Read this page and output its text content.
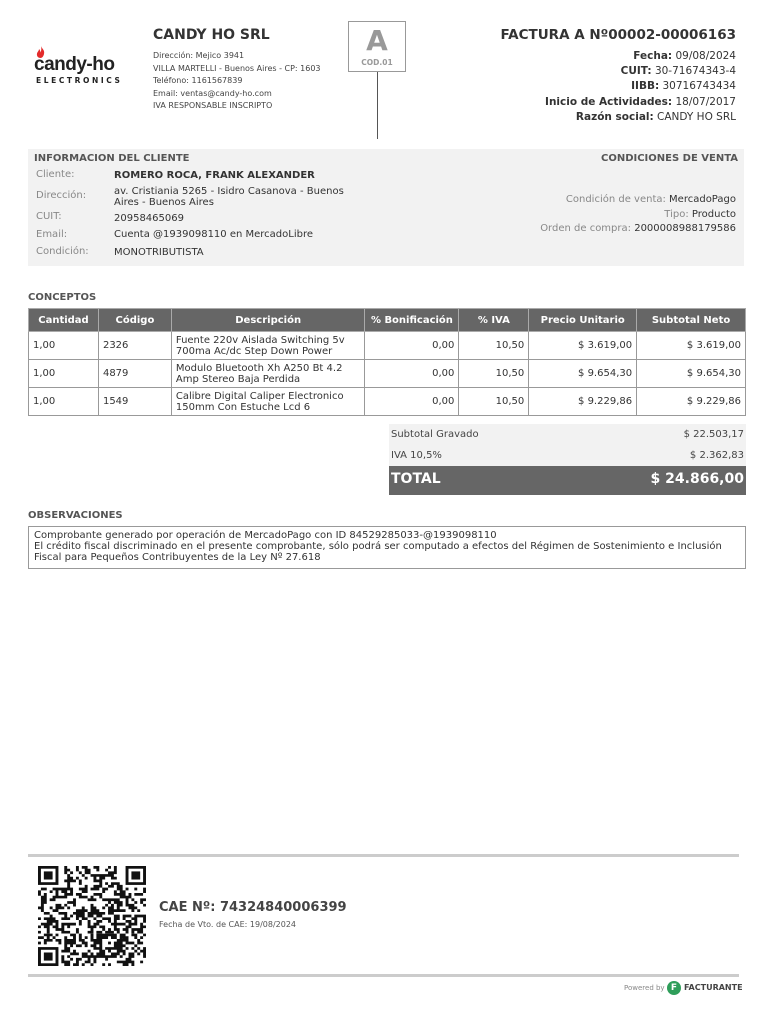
candy-ho
ELECTRONICS
CANDY HO SRL
Dirección: Mejico 3941
VILLA MARTELLI - Buenos Aires - CP: 1603
Teléfono: 1161567839
Email: ventas@candy-ho.com
IVA RESPONSABLE INSCRIPTO
A
COD.01
FACTURA A Nº00002-00006163
Fecha: 09/08/2024
CUIT: 30-71674343-4
IIBB: 30716743434
Inicio de Actividades: 18/07/2017
Razón social: CANDY HO SRL
INFORMACION DEL CLIENTE
Cliente:	ROMERO ROCA, FRANK ALEXANDER
Dirección:	av. Cristiania 5265 - Isidro Casanova - Buenos Aires - Buenos Aires
CUIT:	20958465069
Email:	Cuenta @1939098110 en MercadoLibre
Condición:	MONOTRIBUTISTA
CONDICIONES DE VENTA
Condición de venta: MercadoPago
Tipo: Producto
Orden de compra: 2000008988179586
CONCEPTOS
Cantidad	Código	Descripción	% Bonificación	% IVA	Precio Unitario	Subtotal Neto
1,00	2326	Fuente 220v Aislada Switching 5v 700ma Ac/dc Step Down Power	0,00	10,50	$ 3.619,00	$ 3.619,00
1,00	4879	Modulo Bluetooth Xh A250 Bt 4.2 Amp Stereo Baja Perdida	0,00	10,50	$ 9.654,30	$ 9.654,30
1,00	1549	Calibre Digital Caliper Electronico 150mm Con Estuche Lcd 6	0,00	10,50	$ 9.229,86	$ 9.229,86
Subtotal Gravado	$ 22.503,17
IVA 10,5%	$ 2.362,83
TOTAL	$ 24.866,00
OBSERVACIONES
Comprobante generado por operación de MercadoPago con ID 84529285033-@1939098110
El crédito fiscal discriminado en el presente comprobante, sólo podrá ser computado a efectos del Régimen de Sostenimiento e Inclusión Fiscal para Pequeños Contribuyentes de la Ley Nº 27.618
CAE Nº: 74324840006399
Fecha de Vto. de CAE: 19/08/2024
Powered by F FACTURANTE
